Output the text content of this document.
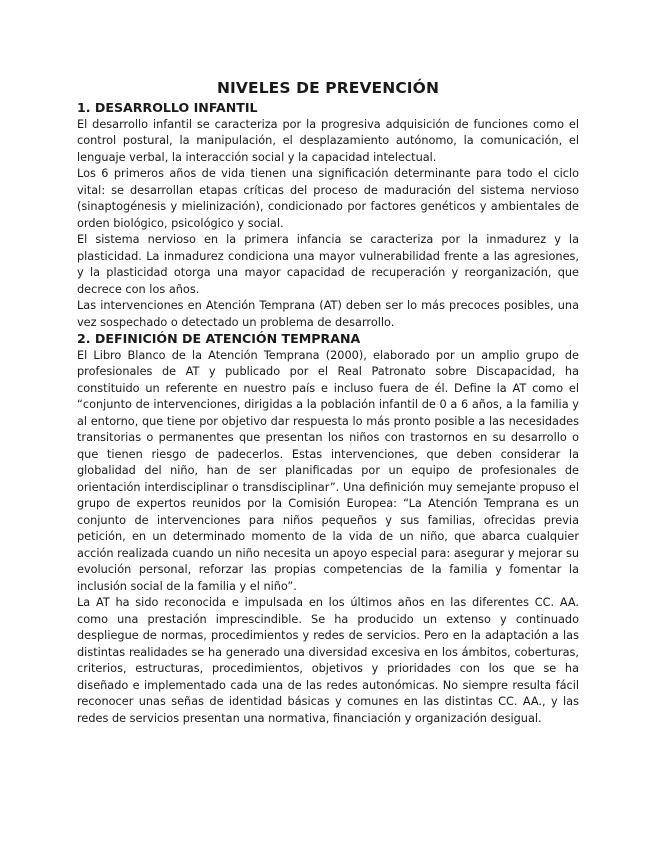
NIVELES DE PREVENCIÓN
1. DESARROLLO INFANTIL

El desarrollo infantil se caracteriza por la progresiva adquisición de funciones como el control postural, la manipulación, el desplazamiento autónomo, la comunicación, el lenguaje verbal, la interacción social y la capacidad intelectual.

Los 6 primeros años de vida tienen una significación determinante para todo el ciclo vital: se desarrollan etapas críticas del proceso de maduración del sistema nervioso (sinaptogénesis y mielinización), condicionado por factores genéticos y ambientales de orden biológico, psicológico y social.

El sistema nervioso en la primera infancia se caracteriza por la inmadurez y la plasticidad. La inmadurez condiciona una mayor vulnerabilidad frente a las agresiones, y la plasticidad otorga una mayor capacidad de recuperación y reorganización, que decrece con los años.

Las intervenciones en Atención Temprana (AT) deben ser lo más precoces posibles, una vez sospechado o detectado un problema de desarrollo.

2. DEFINICIÓN DE ATENCIÓN TEMPRANA

El Libro Blanco de la Atención Temprana (2000), elaborado por un amplio grupo de profesionales de AT y publicado por el Real Patronato sobre Discapacidad, ha constituido un referente en nuestro país e incluso fuera de él. Define la AT como el “conjunto de intervenciones, dirigidas a la población infantil de 0 a 6 años, a la familia y al entorno, que tiene por objetivo dar respuesta lo más pronto posible a las necesidades transitorias o permanentes que presentan los niños con trastornos en su desarrollo o que tienen riesgo de padecerlos. Estas intervenciones, que deben considerar la globalidad del niño, han de ser planificadas por un equipo de profesionales de orientación interdisciplinar o transdisciplinar”. Una definición muy semejante propuso el grupo de expertos reunidos por la Comisión Europea: “La Atención Temprana es un conjunto de intervenciones para niños pequeños y sus familias, ofrecidas previa petición, en un determinado momento de la vida de un niño, que abarca cualquier acción realizada cuando un niño necesita un apoyo especial para: asegurar y mejorar su evolución personal, reforzar las propias competencias de la familia y fomentar la inclusión social de la familia y el niño”.

La AT ha sido reconocida e impulsada en los últimos años en las diferentes CC. AA. como una prestación imprescindible. Se ha producido un extenso y continuado despliegue de normas, procedimientos y redes de servicios. Pero en la adaptación a las distintas realidades se ha generado una diversidad excesiva en los ámbitos, coberturas, criterios, estructuras, procedimientos, objetivos y prioridades con los que se ha diseñado e implementado cada una de las redes autonómicas. No siempre resulta fácil reconocer unas señas de identidad básicas y comunes en las distintas CC. AA., y las redes de servicios presentan una normativa, financiación y organización desigual.
